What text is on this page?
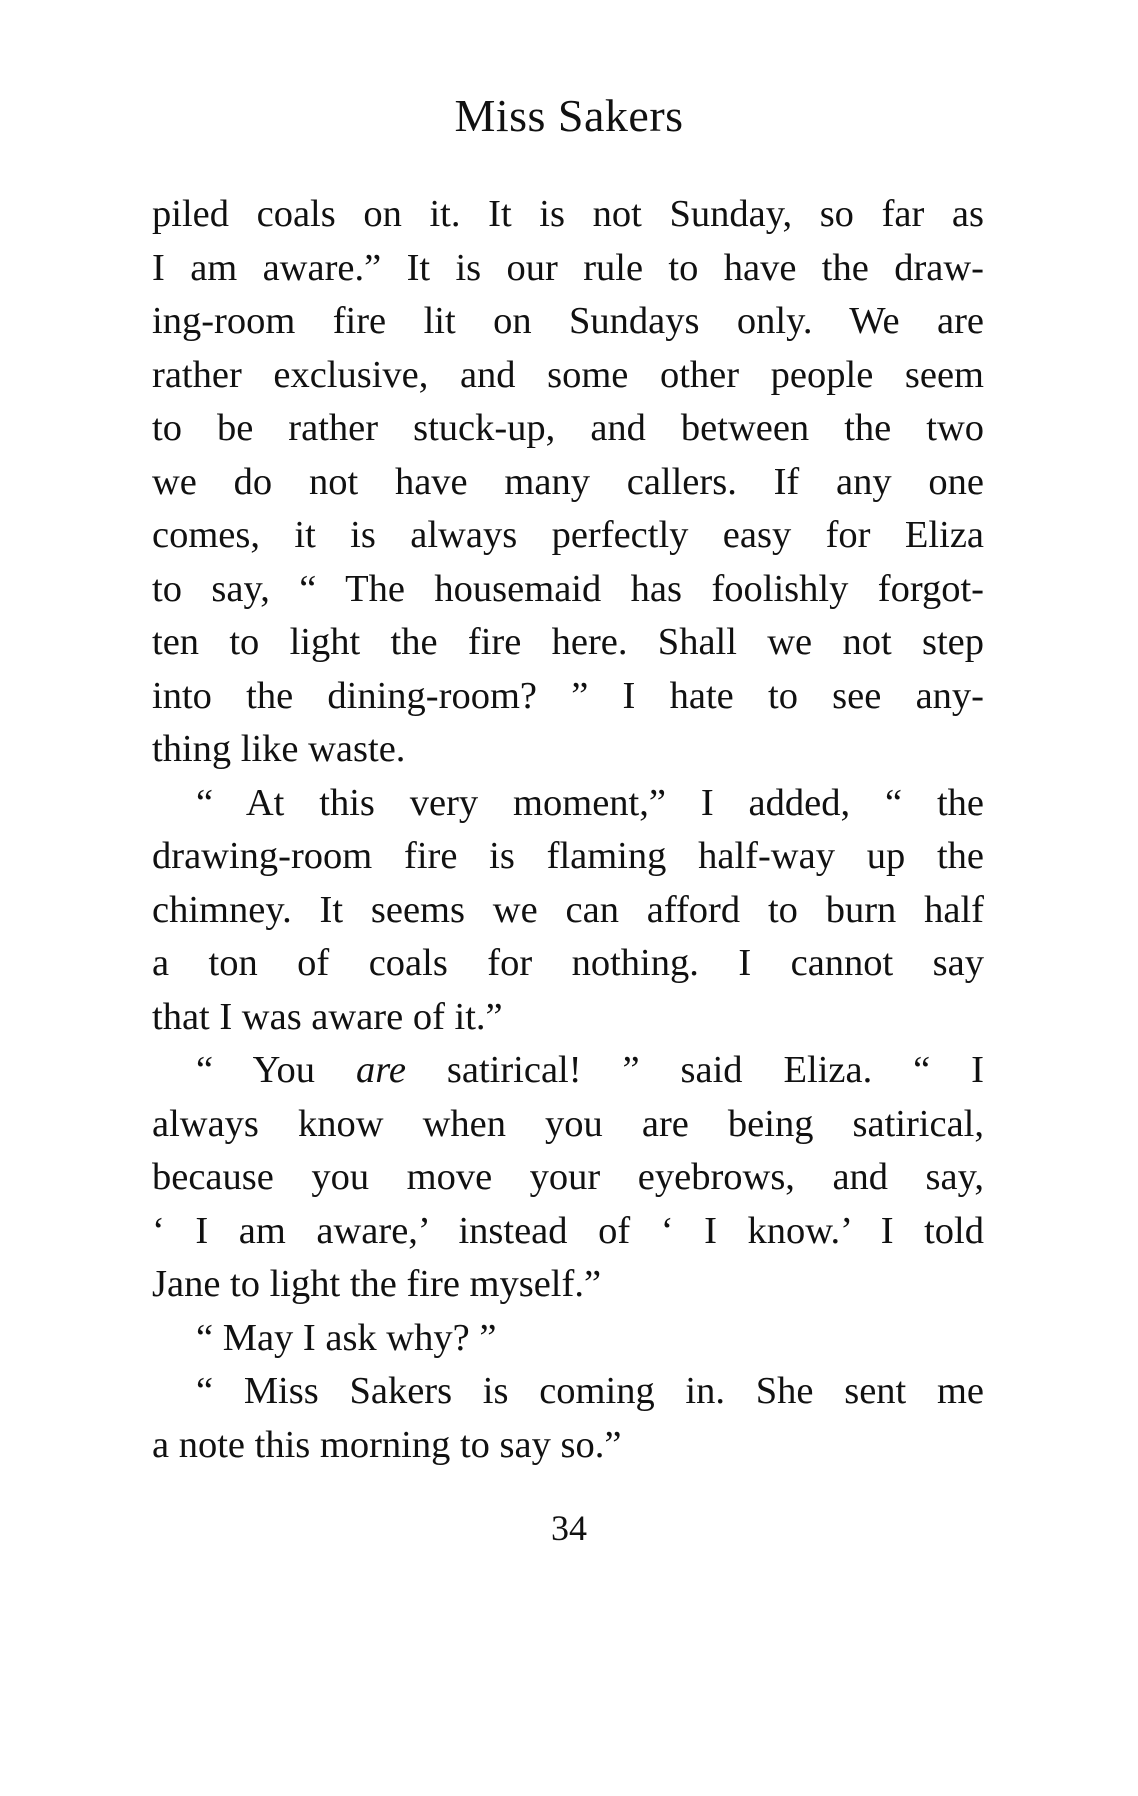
Miss Sakers
piled coals on it. It is not Sunday, so far as
I am aware.” It is our rule to have the draw-
ing-room fire lit on Sundays only. We are
rather exclusive, and some other people seem
to be rather stuck-up, and between the two
we do not have many callers. If any one
comes, it is always perfectly easy for Eliza
to say, “ The housemaid has foolishly forgot-
ten to light the fire here. Shall we not step
into the dining-room? ” I hate to see any-
thing like waste.
“ At this very moment,” I added, “ the
drawing-room fire is flaming half-way up the
chimney. It seems we can afford to burn half
a ton of coals for nothing. I cannot say
that I was aware of it.”
“ You are satirical! ” said Eliza. “ I
always know when you are being satirical,
because you move your eyebrows, and say,
‘ I am aware,’ instead of ‘ I know.’ I told
Jane to light the fire myself.”
“ May I ask why? ”
“ Miss Sakers is coming in. She sent me
a note this morning to say so.”
34
